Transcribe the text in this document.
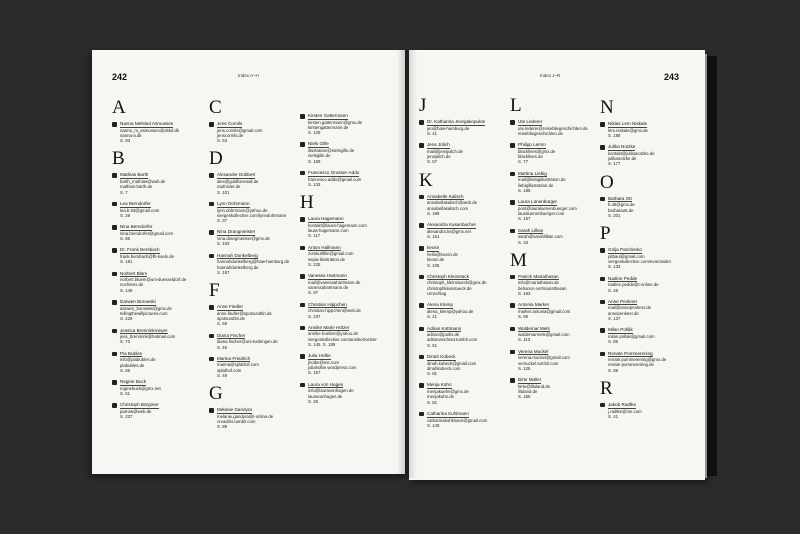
242	Index A–H	Index J–R	243
A
Nanna Melsted Asmussen
nanna_m_asmussen@dskd.dk
nanna-a.dk
S. 93
B
Mathias Barth
barth_mathias@web.de
mathias-barth.de
S. 7
Lea Berndorfer
lea.b.93@gmail.com
S. 29
Nina Berndorfer
nina.berndorfer@gmail.com
S. 85
Dr. Frank Bersbach
frank.bersbach@fh-koeln.de
S. 181
Norbert Blüm
norbert.bluem@uni-duesseldorf.de
nochtens.de
S. 149
Darwen Borowski
darwen_borowski@gmx.de
tellingthewillpictures.com
S. 229
Jessica Brenninkmeyer
jess_brenmink@hotmail.com
S. 73
Pia Bubles
info@piabubles.de
piabubles.de
S. 65
Regine Buck
reginebuck@gmx.net
S. 61
Christoph Bürgmer
parrow@web.de
S. 237
C
Jens Cornils
jens.cornils@gmail.com
jenscornils.de
S. 53
D
Alexander Dobbert
alex@goldbreesall.de
raufnixler.de
S. 101
Lynn Dohrmann
lynn.dohrmann@yahoo.de
viergeskollective.com/lynndohrmann
S. 37
Nina Drangmeister
nina.drangmeister@gmx.de
S. 193
Hannah Dunkelberg
hannahdunkelberg@haw-hamburg.de
hannahdunkelberg.de
S. 197
F
Anne Fiedler
anne.fiedler@spotsundtin.de
spotsundtin.de
S. 69
Diana Fischer
diana.fischer@uni-tuebingen.de
S. 45
Marina Friedrich
marina@splathof.com
splathof.com
S. 49
G
Melanie Gandyra
melanie.gandyra@t-online.de
creadiris.tumblr.com
S. 89
Kirsten Gattermann
kirsten.gattermann@gmx.de
kirstengattermann.de
S. 129
Niels Gille
illustration@nielsgille.de
nielsgille.de
S. 169
Francesco Grosser-Addo
francesco.addo@gmail.com
S. 133
H
Laura Hagemann
kontakt@laura-hagemann.com
laura-hagemann.com
S. 117
Anton Hallmann
zumkultfilm@gmail.com
sepia-illustration.de
S. 225
Vanessa Hartmann
mail@vanessahartmann.de
vanessahartmann.de
S. 97
Christian Hippchen
christian.hippchen@web.de
S. 237
Annike Marie Hölzer
annike.hoelzer@yahoo.de
viergeskollective.com/annikehoelzer
S. 145, S. 189
Julia Holbe
jholbe@me.com
juliaholbe.wordpress.com
S. 157
Laura von Hugen
info@lauravonhugen.de
lauravonhugen.de
S. 25
J
Dr. Katharina Jeorgakopulos
jeo@haw-hamburg.de
S. 41
Jens Jülich
mail@jensjulich.de
jensjulich.de
S. 57
K
Annabelle Kalisch
annabellakalisch@web.de
annabellakalisch.com
S. 189
Alexandra Kasanbacher
alexandra.ks@gmx.net
S. 161
keosn
hello@keosn.de
keosn.de
S. 105
Christoph Kleinstück
christoph_kleinstueck@gmx.de
christophkleinstueck.de
Umschlag
Alena Klemp
alena_klemp@yahoo.de
S. 21
Adrian Kottmann
adrian@poiks.de
adrianzeichnet.tumblr.com
S. 61
Dinah Kübeck
dinah.kubeck@gmail.com
dinahkubeck.com
S. 81
Menja Kühn
menjakuehn@gmx.de
menjakuhn.de
S. 81
Catharina Kuhlmann
catharinakuhlmann@gmail.com
S. 149
L
Ute Lederer
ute.lederer@reisebliegeschichten.de
reisebliegeschichten.de
Philipp Lemm
blacklines@gmx.de
blacklines.de
S. 77
Martina Liebig
mail@liebigillustration.de
liebigillustration.de
S. 185
Laura Lünenbürger
post@lauraluenenbuerger.com
lauraluenenbuerger.com
S. 157
Sarah Lillian
sarah@sarahlillian.com
S. 33
M
Patrick Mariathasan
info@mariathasan.de
behance.net/mariathasan
S. 193
Antonia Marker
marker.antonia@gmail.com
S. 69
Waldemar Mels
waldemarmels@gmail.com
S. 113
Verena Muckel
verena.muckel@gmail.com
vemuckel.tumblr.com
S. 125
Birte Müller
birte@illuland.de
illuland.de
S. 165
N
Niklas Lem Niskale
lem.niskale@gmx.de
S. 185
Julika Notzke
kontakt@julikanotzke.de
julikanotzke.de
S. 177
O
Barbara Ott
b.ott@gmx.de
barbaraott.de
S. 201
P
Golja Parchenko
pitbaul@gmail.com
viergeskollective.com/evarossiter
S. 133
Nadine Pedde
nadine.pedde@t-online.de
S. 45
Anne Penkner
mail@annepenkner.de
annepenkner.de
S. 137
Milan Pollák
milan.pollak@gmail.com
S. 85
Renate Pommerening
renate.pommerening@gmx.de
renate-pommerening.de
S. 89
R
Jakob Radtke
j.radtke@me.com
S. 41
